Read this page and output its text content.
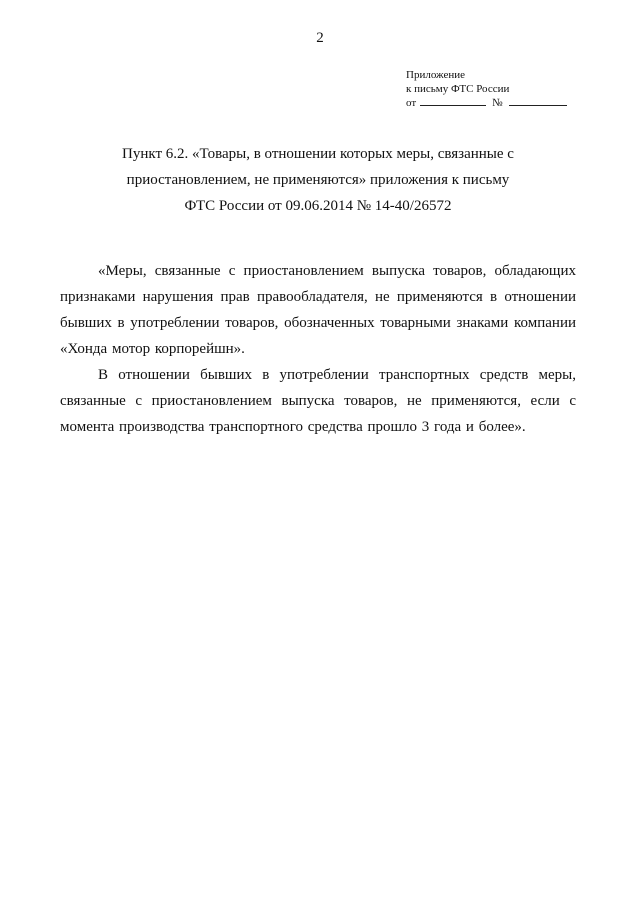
2
Приложение
к письму ФТС России
от	№
Пункт 6.2. «Товары, в отношении которых меры, связанные с
приостановлением, не применяются» приложения к письму
ФТС России от 09.06.2014 № 14-40/26572

«Меры, связанные с приостановлением выпуска товаров, обладающих признаками нарушения прав правообладателя, не применяются в отношении бывших в употреблении товаров, обозначенных товарными знаками компании «Хонда мотор корпорейшн».

В отношении бывших в употреблении транспортных средств меры, связанные с приостановлением выпуска товаров, не применяются, если с момента производства транспортного средства прошло 3 года и более».
